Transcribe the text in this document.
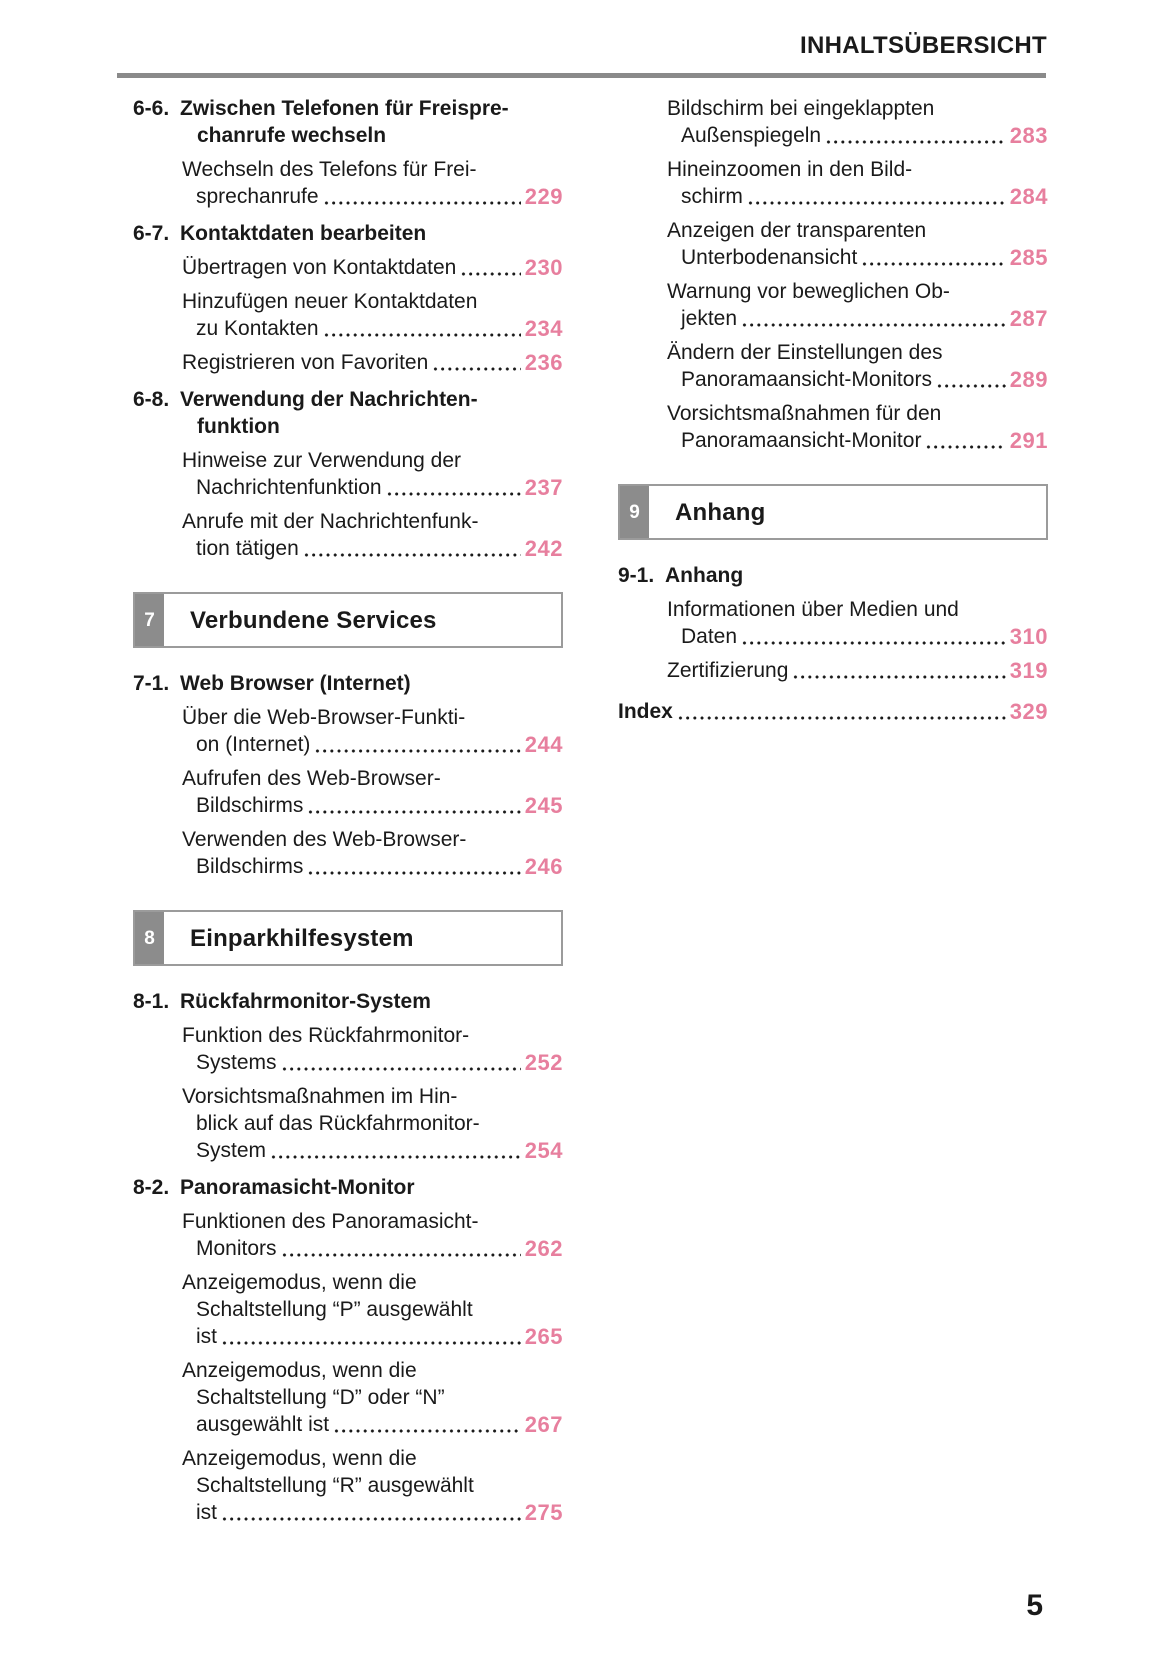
INHALTSÜBERSICHT
6-6. Zwischen Telefonen für Freispre-
chanrufe wechseln
Wechseln des Telefons für Frei-
sprechanrufe	229
6-7. Kontaktdaten bearbeiten
Übertragen von Kontaktdaten	230
Hinzufügen neuer Kontaktdaten
zu Kontakten	234
Registrieren von Favoriten	236
6-8. Verwendung der Nachrichten-
funktion
Hinweise zur Verwendung der
Nachrichtenfunktion	237
Anrufe mit der Nachrichtenfunk-
tion tätigen	242
7	Verbundene Services
7-1. Web Browser (Internet)
Über die Web-Browser-Funkti-
on (Internet)	244
Aufrufen des Web-Browser-
Bildschirms	245
Verwenden des Web-Browser-
Bildschirms	246
8	Einparkhilfesystem
8-1. Rückfahrmonitor-System
Funktion des Rückfahrmonitor-
Systems	252
Vorsichtsmaßnahmen im Hin-
blick auf das Rückfahrmonitor-
System	254
8-2. Panoramasicht-Monitor
Funktionen des Panoramasicht-
Monitors	262
Anzeigemodus, wenn die
Schaltstellung “P” ausgewählt
ist	265
Anzeigemodus, wenn die
Schaltstellung “D” oder “N”
ausgewählt ist	267
Anzeigemodus, wenn die
Schaltstellung “R” ausgewählt
ist	275
Bildschirm bei eingeklappten
Außenspiegeln	283
Hineinzoomen in den Bild-
schirm	284
Anzeigen der transparenten
Unterbodenansicht	285
Warnung vor beweglichen Ob-
jekten	287
Ändern der Einstellungen des
Panoramaansicht-Monitors	289
Vorsichtsmaßnahmen für den
Panoramaansicht-Monitor	291
9	Anhang
9-1. Anhang
Informationen über Medien und
Daten	310
Zertifizierung	319
Index	329
5
